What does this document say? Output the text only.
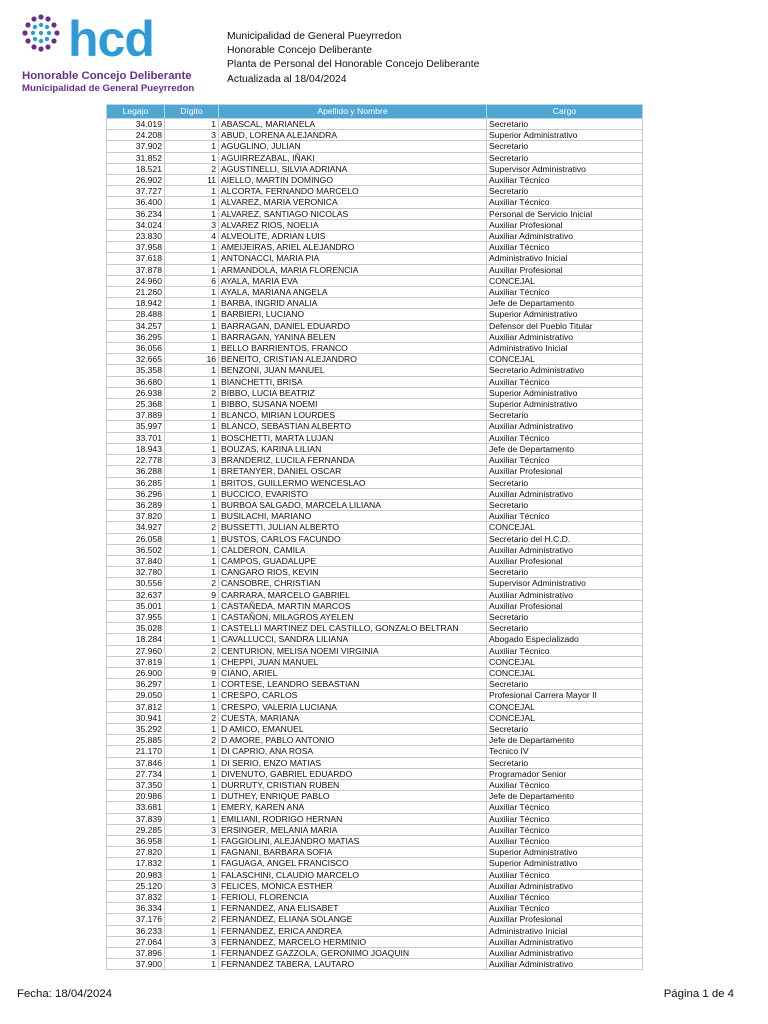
hcd
Honorable Concejo Deliberante
Municipalidad de General Pueyrredon
Municipalidad de General Pueyrredon
Honorable Concejo Deliberante
Planta de Personal del Honorable Concejo Deliberante
Actualizada al 18/04/2024
Legajo	Dígito	Apellido y Nombre	Cargo
34.019	1	ABASCAL, MARIANELA	Secretario
24.208	3	ABUD, LORENA ALEJANDRA	Superior Administrativo
37.902	1	AGUGLINO, JULIAN	Secretario
31.852	1	AGUIRREZABAL, IÑAKI	Secretario
18.521	2	AGUSTINELLI, SILVIA ADRIANA	Supervisor Administrativo
26.902	11	AIELLO, MARTIN DOMINGO	Auxiliar Técnico
37.727	1	ALCORTA, FERNANDO MARCELO	Secretario
36.400	1	ALVAREZ, MARIA VERONICA	Auxiliar Técnico
36.234	1	ALVAREZ, SANTIAGO NICOLAS	Personal de Servicio Inicial
34.024	3	ALVAREZ RIOS, NOELIA	Auxiliar Profesional
23.830	4	ALVEOLITE, ADRIAN LUIS	Auxiliar Administrativo
37.958	1	AMEIJEIRAS, ARIEL ALEJANDRO	Auxiliar Técnico
37.618	1	ANTONACCI, MARIA PIA	Administrativo Inicial
37.878	1	ARMANDOLA, MARIA FLORENCIA	Auxiliar Profesional
24.960	6	AYALA, MARIA EVA	CONCEJAL
21.260	1	AYALA, MARIANA ANGELA	Auxiliar Técnico
18.942	1	BARBA, INGRID ANALIA	Jefe de Departamento
28.488	1	BARBIERI, LUCIANO	Superior Administrativo
34.257	1	BARRAGAN, DANIEL EDUARDO	Defensor del Pueblo Titular
36.295	1	BARRAGAN, YANINA BELEN	Auxiliar Administrativo
36.056	1	BELLO BARRIENTOS, FRANCO	Administrativo Inicial
32.665	16	BENEITO, CRISTIAN ALEJANDRO	CONCEJAL
35.358	1	BENZONI, JUAN MANUEL	Secretario Administrativo
36.680	1	BIANCHETTI, BRISA	Auxiliar Técnico
26.938	2	BIBBO, LUCIA BEATRIZ	Superior Administrativo
25.368	1	BIBBO, SUSANA NOEMI	Superior Administrativo
37.889	1	BLANCO, MIRIAN LOURDES	Secretario
35.997	1	BLANCO, SEBASTIAN ALBERTO	Auxiliar Administrativo
33.701	1	BOSCHETTI, MARTA LUJAN	Auxiliar Técnico
18.943	1	BOUZAS, KARINA LILIAN	Jefe de Departamento
22.778	3	BRANDERIZ, LUCILA FERNANDA	Auxiliar Técnico
36.288	1	BRETANYER, DANIEL OSCAR	Auxiliar Profesional
36.285	1	BRITOS, GUILLERMO WENCESLAO	Secretario
36.296	1	BUCCICO, EVARISTO	Auxiliar Administrativo
36.289	1	BURBOA SALGADO, MARCELA LILIANA	Secretario
37.820	1	BUSILACHI, MARIANO	Auxiliar Técnico
34.927	2	BUSSETTI, JULIAN ALBERTO	CONCEJAL
26.058	1	BUSTOS, CARLOS FACUNDO	Secretario del H.C.D.
36.502	1	CALDERON, CAMILA	Auxiliar Administrativo
37.840	1	CAMPOS, GUADALUPE	Auxiliar Profesional
32.780	1	CANGARO RIOS, KEVIN	Secretario
30.556	2	CANSOBRE, CHRISTIAN	Supervisor Administrativo
32.637	9	CARRARA, MARCELO GABRIEL	Auxiliar Administrativo
35.001	1	CASTAÑEDA, MARTIN MARCOS	Auxiliar Profesional
37.955	1	CASTAÑON, MILAGROS AYELEN	Secretario
35.028	1	CASTELLI MARTINEZ DEL CASTILLO, GONZALO BELTRAN	Secretario
18.284	1	CAVALLUCCI, SANDRA LILIANA	Abogado Especializado
27.960	2	CENTURION, MELISA NOEMI VIRGINIA	Auxiliar Técnico
37.819	1	CHEPPI, JUAN MANUEL	CONCEJAL
26.900	9	CIANO, ARIEL	CONCEJAL
36.297	1	CORTESE, LEANDRO SEBASTIAN	Secretario
29.050	1	CRESPO, CARLOS	Profesional Carrera Mayor II
37.812	1	CRESPO, VALERIA LUCIANA	CONCEJAL
30.941	2	CUESTA, MARIANA	CONCEJAL
35.292	1	D AMICO, EMANUEL	Secretario
25.885	2	D AMORE, PABLO ANTONIO	Jefe de Departamento
21.170	1	DI CAPRIO, ANA ROSA	Tecnico IV
37.846	1	DI SERIO, ENZO MATIAS	Secretario
27.734	1	DIVENUTO, GABRIEL EDUARDO	Programador Senior
37.350	1	DURRUTY, CRISTIAN RUBEN	Auxiliar Técnico
20.986	1	DUTHEY, ENRIQUE PABLO	Jefe de Departamento
33.681	1	EMERY, KAREN ANA	Auxiliar Técnico
37.839	1	EMILIANI, RODRIGO HERNAN	Auxiliar Técnico
29.285	3	ERSINGER, MELANIA MARIA	Auxiliar Técnico
36.958	1	FAGGIOLINI, ALEJANDRO MATIAS	Auxiliar Técnico
27.820	1	FAGNANI, BARBARA SOFIA	Superior Administrativo
17.832	1	FAGUAGA, ANGEL FRANCISCO	Superior Administrativo
20.983	1	FALASCHINI, CLAUDIO MARCELO	Auxiliar Técnico
25.120	3	FELICES, MONICA ESTHER	Auxiliar Administrativo
37.832	1	FERIOLI, FLORENCIA	Auxiliar Técnico
36.334	1	FERNANDEZ, ANA ELISABET	Auxiliar Técnico
37.176	2	FERNANDEZ, ELIANA SOLANGE	Auxiliar Profesional
36.233	1	FERNANDEZ, ERICA ANDREA	Administrativo Inicial
27.064	3	FERNANDEZ, MARCELO HERMINIO	Auxiliar Administrativo
37.896	1	FERNANDEZ GAZZOLA, GERONIMO JOAQUIN	Auxiliar Administrativo
37.900	1	FERNANDEZ TABERA, LAUTARO	Auxiliar Administrativo
Fecha: 18/04/2024	Página 1 de 4
